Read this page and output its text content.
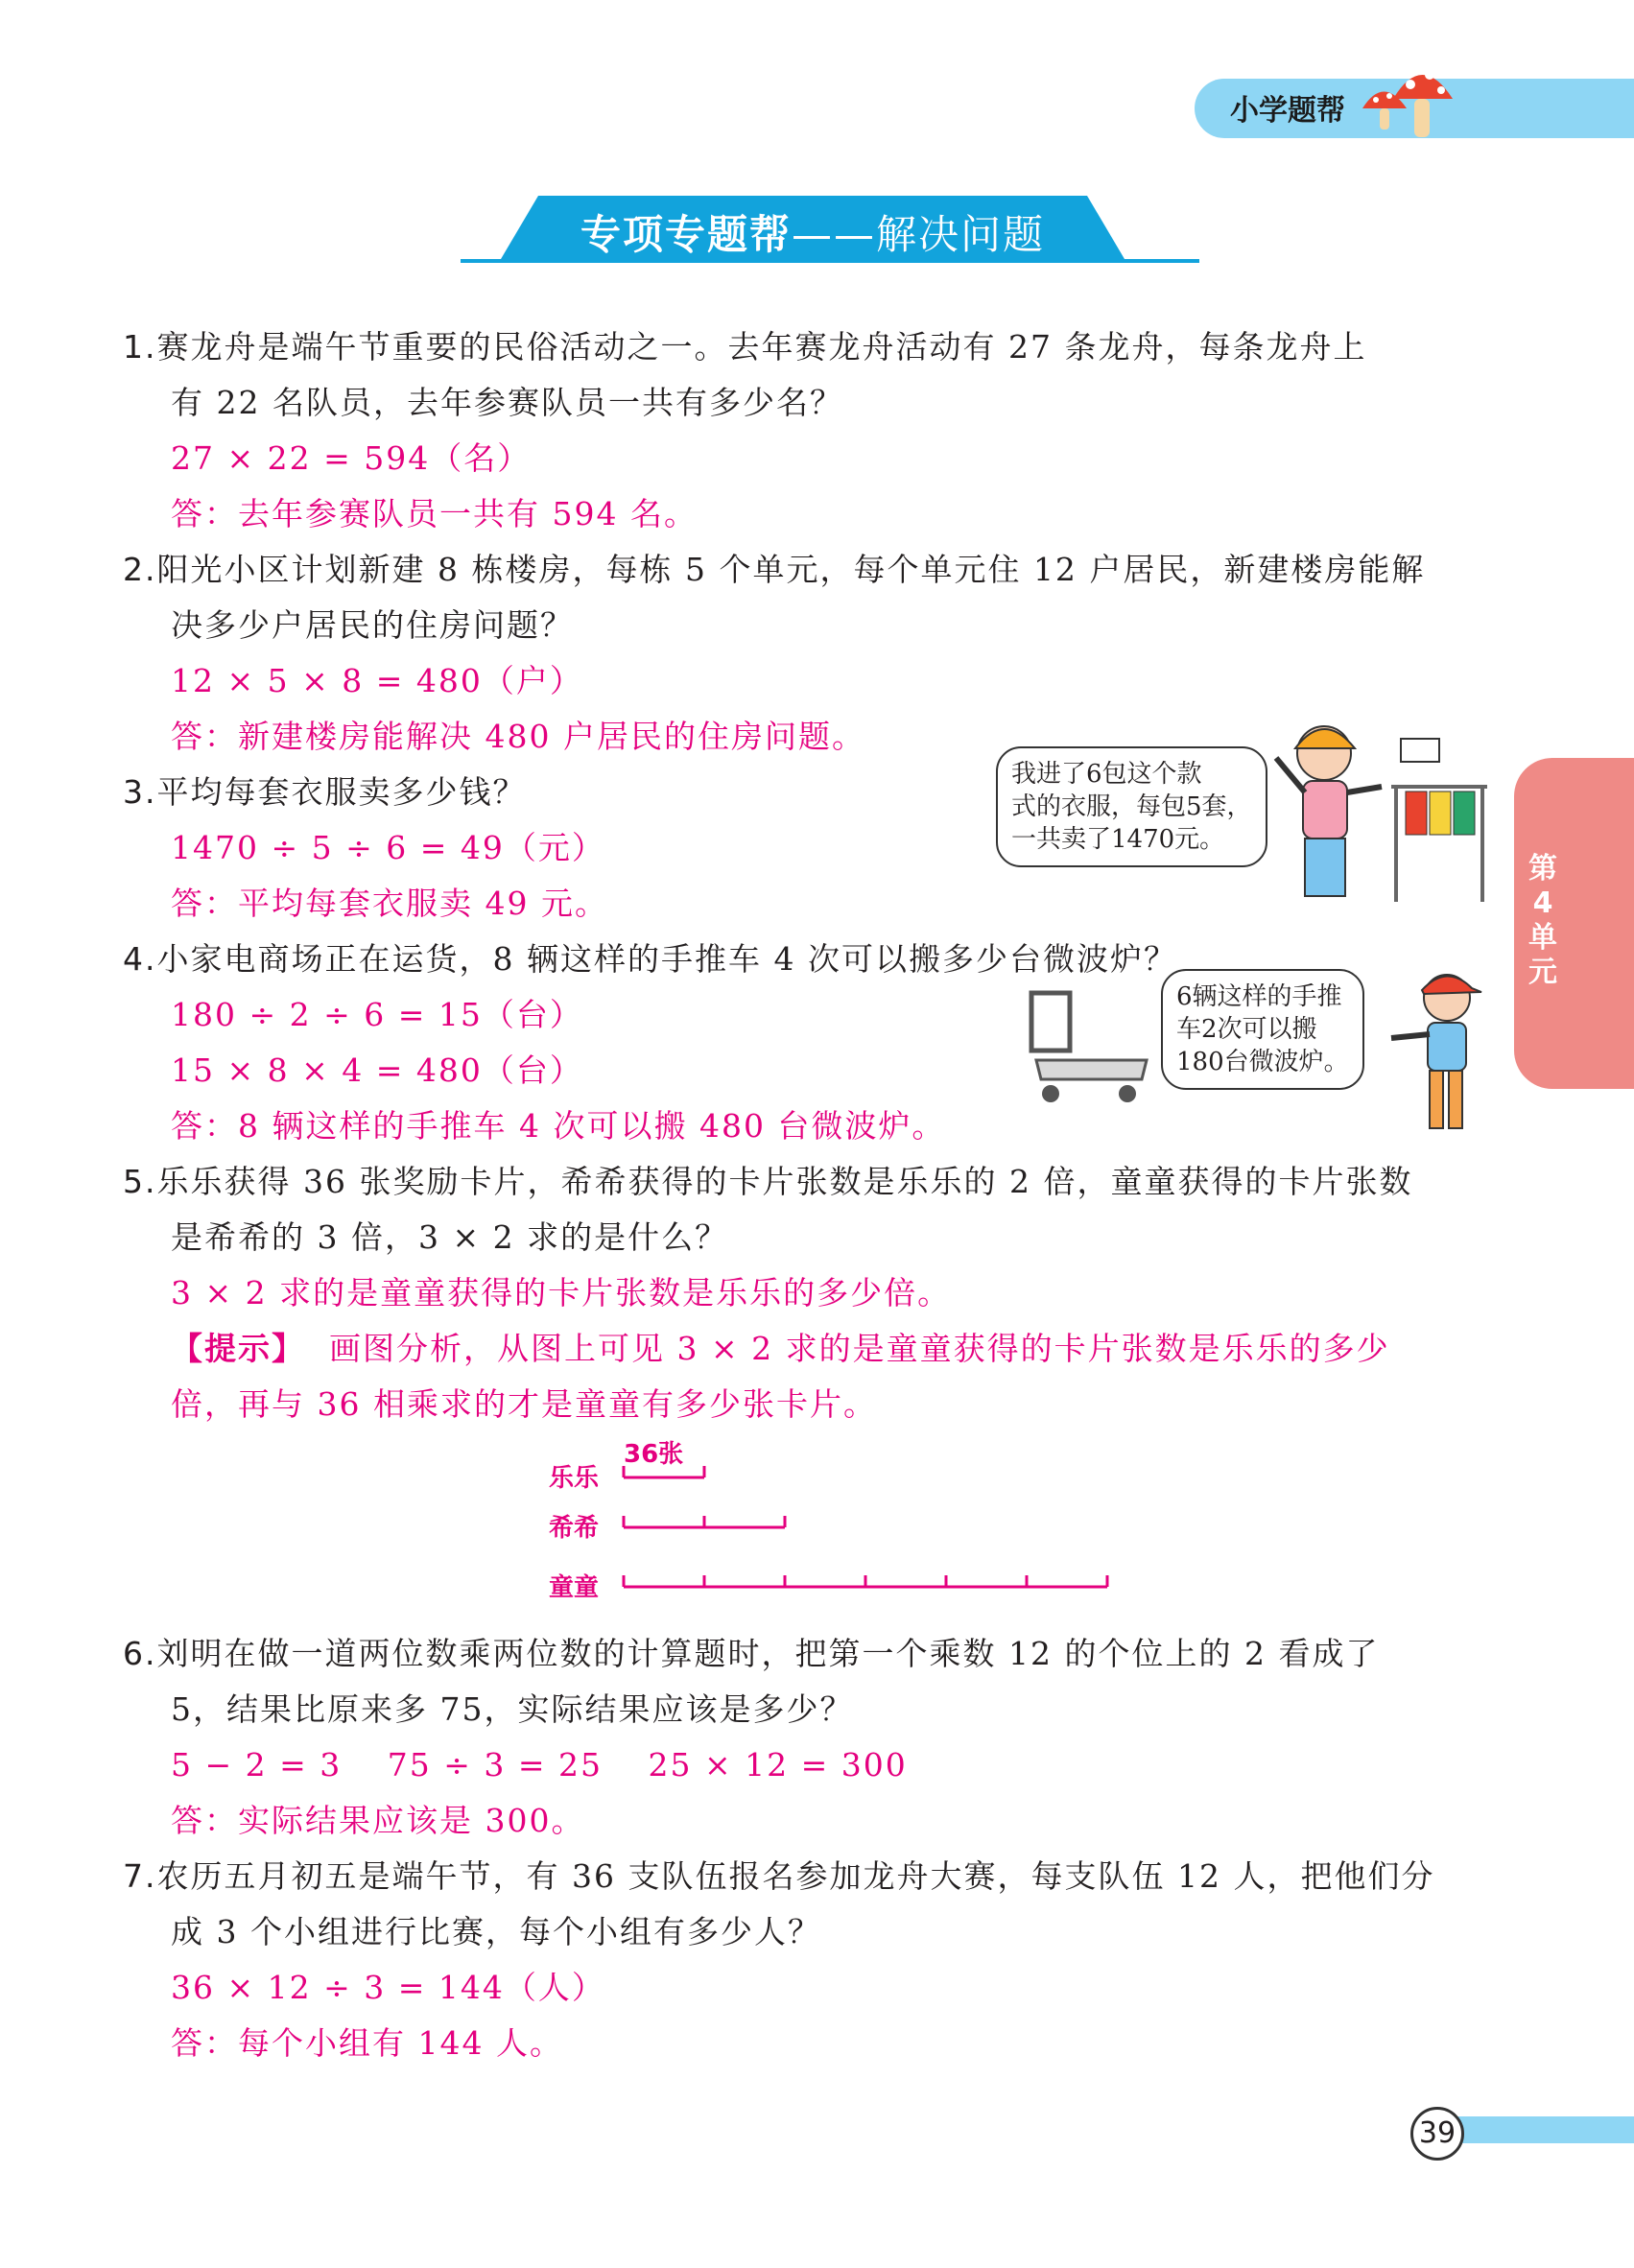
小学题帮
专项专题帮——解决问题
第
4
单
元
1.赛龙舟是端午节重要的民俗活动之一。去年赛龙舟活动有 27 条龙舟，每条龙舟上
有 22 名队员，去年参赛队员一共有多少名？
27 × 22 = 594（名）
答：去年参赛队员一共有 594 名。
2.阳光小区计划新建 8 栋楼房，每栋 5 个单元，每个单元住 12 户居民，新建楼房能解
决多少户居民的住房问题？
12 × 5 × 8 = 480（户）
答：新建楼房能解决 480 户居民的住房问题。
3.平均每套衣服卖多少钱？
1470 ÷ 5 ÷ 6 = 49（元）
答：平均每套衣服卖 49 元。
我进了6包这个款
式的衣服，每包5套，
一共卖了1470元。
4.小家电商场正在运货，8 辆这样的手推车 4 次可以搬多少台微波炉？
180 ÷ 2 ÷ 6 = 15（台）
15 × 8 × 4 = 480（台）
答：8 辆这样的手推车 4 次可以搬 480 台微波炉。
6辆这样的手推
车2次可以搬
180台微波炉。
5.乐乐获得 36 张奖励卡片，希希获得的卡片张数是乐乐的 2 倍，童童获得的卡片张数
是希希的 3 倍，3 × 2 求的是什么？
3 × 2 求的是童童获得的卡片张数是乐乐的多少倍。
【提示】 画图分析，从图上可见 3 × 2 求的是童童获得的卡片张数是乐乐的多少
倍，再与 36 相乘求的才是童童有多少张卡片。
36张
乐乐
希希
童童
6.刘明在做一道两位数乘两位数的计算题时，把第一个乘数 12 的个位上的 2 看成了
5，结果比原来多 75，实际结果应该是多少？
5 − 2 = 3　 75 ÷ 3 = 25　 25 × 12 = 300
答：实际结果应该是 300。
7.农历五月初五是端午节，有 36 支队伍报名参加龙舟大赛，每支队伍 12 人，把他们分
成 3 个小组进行比赛，每个小组有多少人？
36 × 12 ÷ 3 = 144（人）
答：每个小组有 144 人。
39
